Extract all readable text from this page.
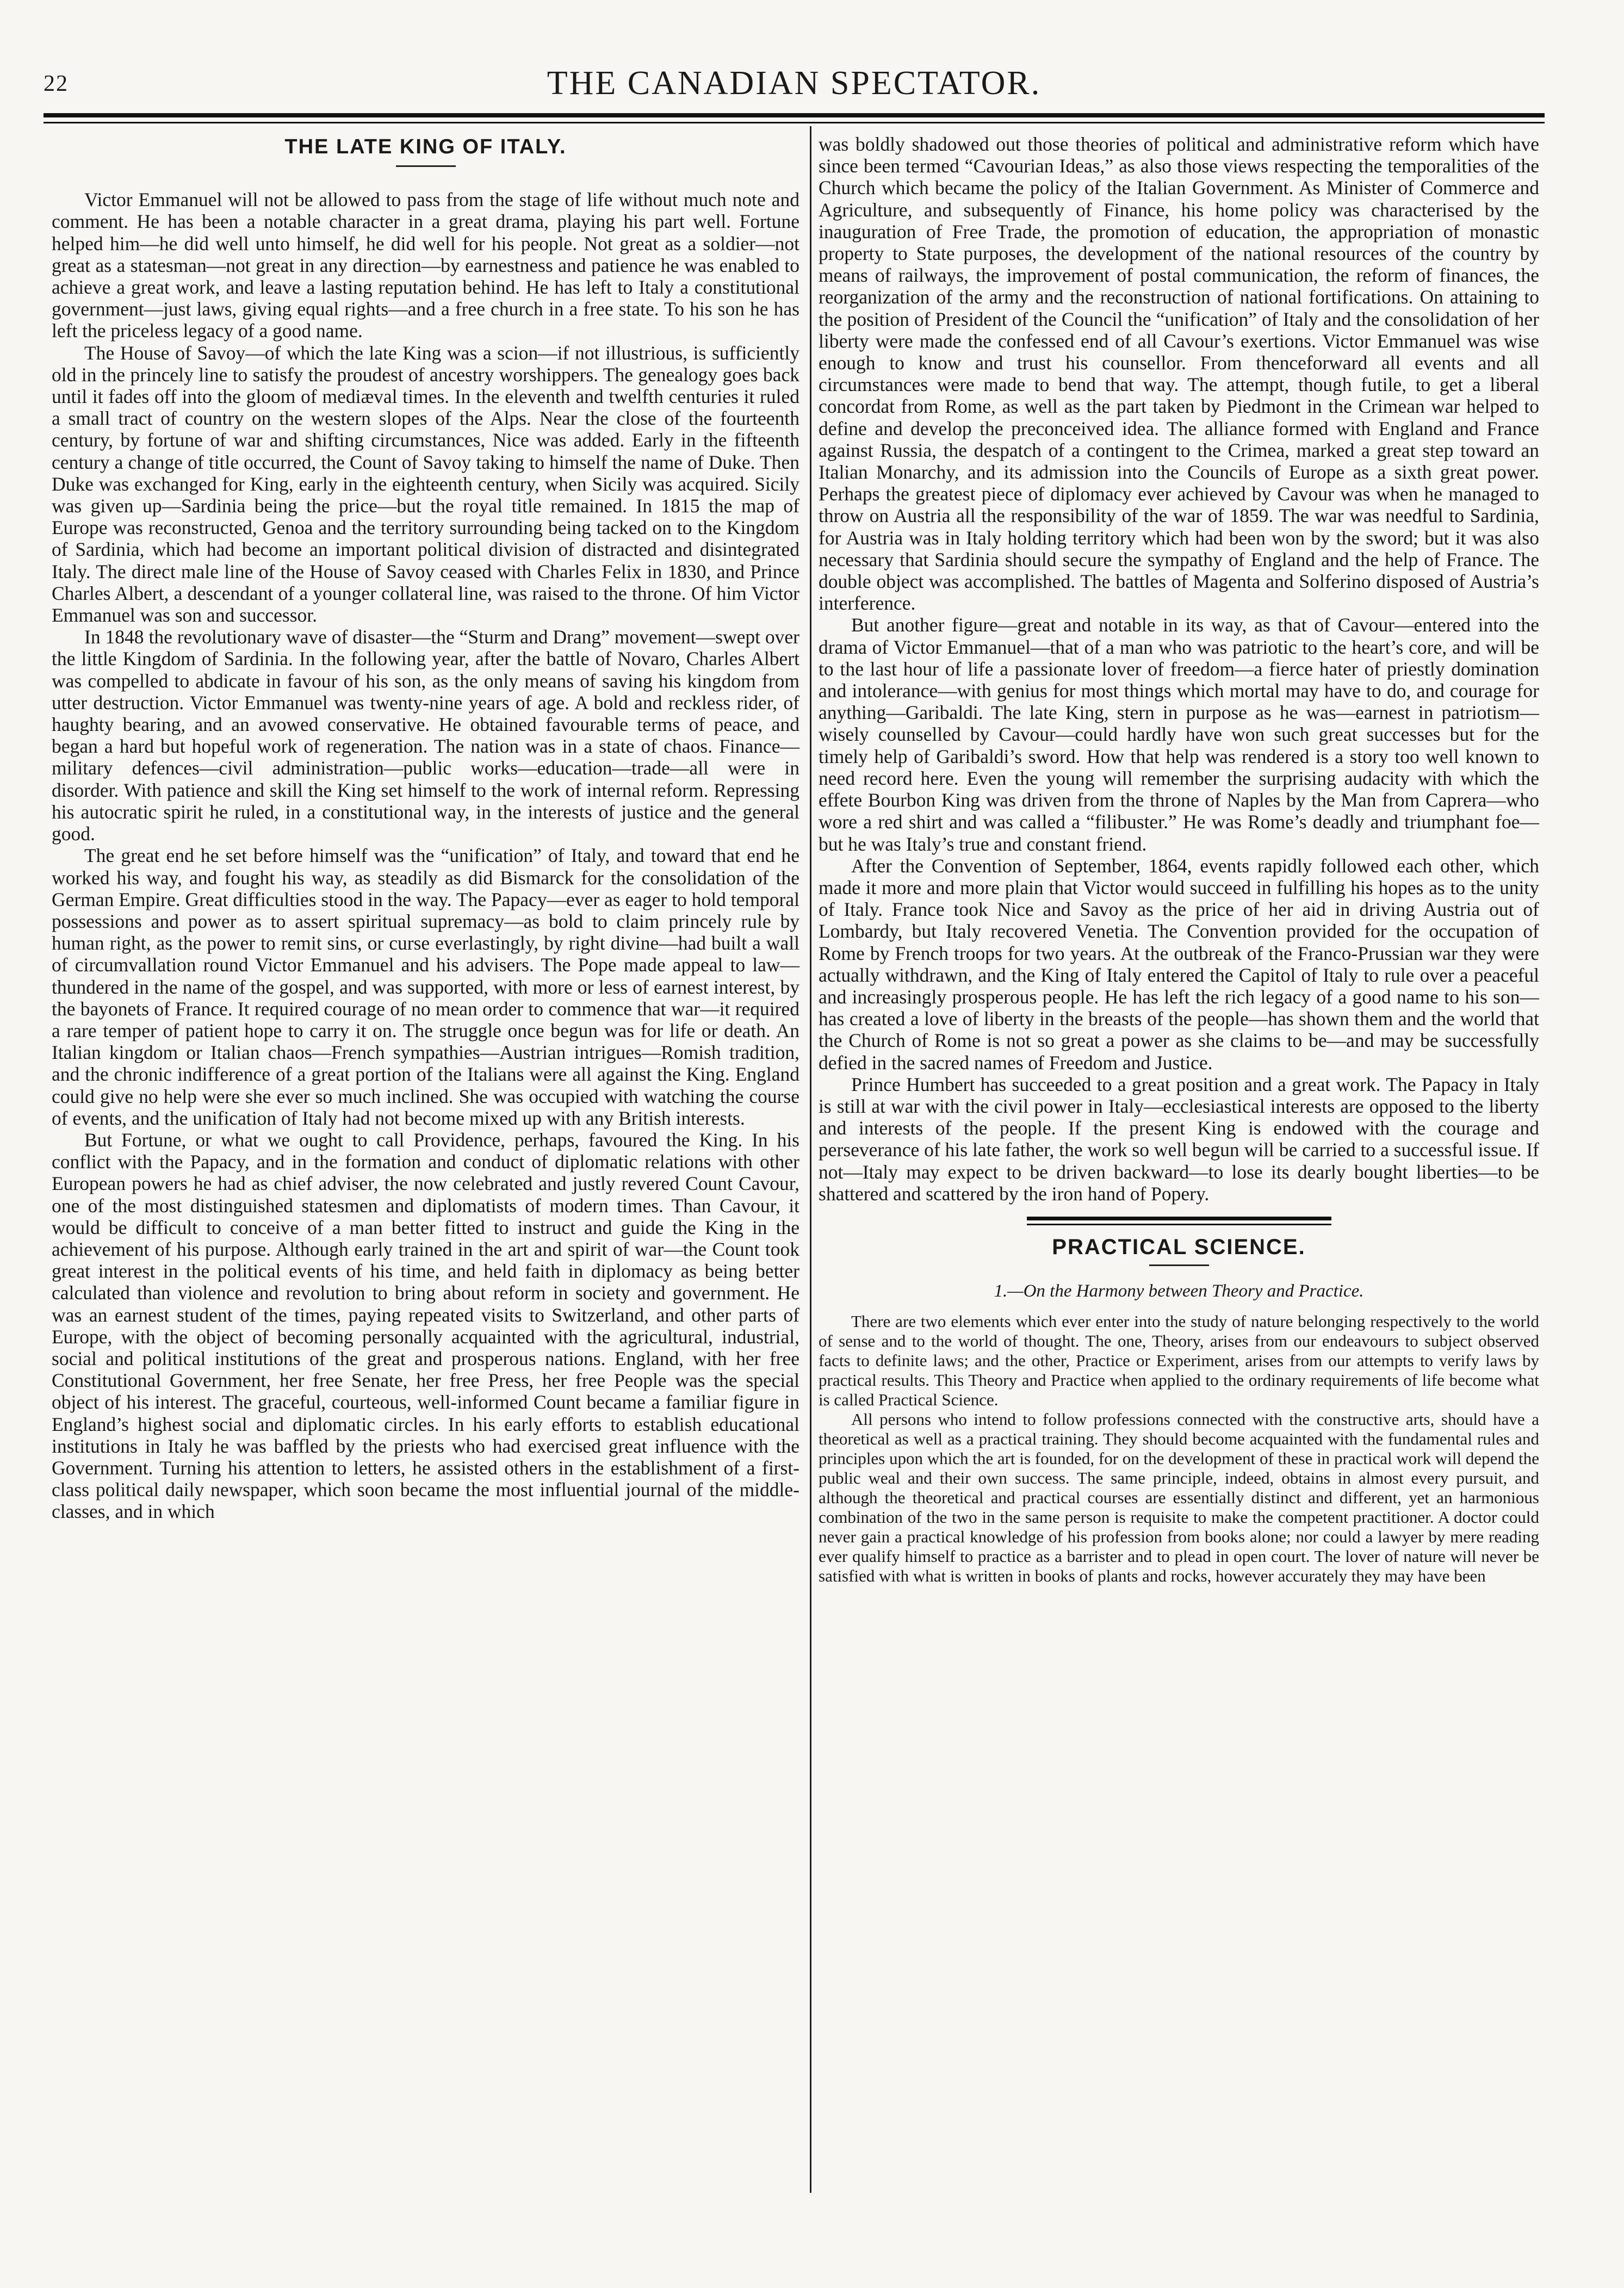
22	THE CANADIAN SPECTATOR.
THE LATE KING OF ITALY.

Victor Emmanuel will not be allowed to pass from the stage of life without much note and comment. He has been a notable character in a great drama, playing his part well. Fortune helped him—he did well unto himself, he did well for his people. Not great as a soldier—not great as a statesman—not great in any direction—by earnestness and patience he was enabled to achieve a great work, and leave a lasting reputation behind. He has left to Italy a constitutional government—just laws, giving equal rights—and a free church in a free state. To his son he has left the priceless legacy of a good name.

The House of Savoy—of which the late King was a scion—if not illustrious, is sufficiently old in the princely line to satisfy the proudest of ancestry worshippers. The genealogy goes back until it fades off into the gloom of mediæval times. In the eleventh and twelfth centuries it ruled a small tract of country on the western slopes of the Alps. Near the close of the fourteenth century, by fortune of war and shifting circumstances, Nice was added. Early in the fifteenth century a change of title occurred, the Count of Savoy taking to himself the name of Duke. Then Duke was exchanged for King, early in the eighteenth century, when Sicily was acquired. Sicily was given up—Sardinia being the price—but the royal title remained. In 1815 the map of Europe was reconstructed, Genoa and the territory surrounding being tacked on to the Kingdom of Sardinia, which had become an important political division of distracted and disintegrated Italy. The direct male line of the House of Savoy ceased with Charles Felix in 1830, and Prince Charles Albert, a descendant of a younger collateral line, was raised to the throne. Of him Victor Emmanuel was son and successor.

In 1848 the revolutionary wave of disaster—the “Sturm and Drang” movement—swept over the little Kingdom of Sardinia. In the following year, after the battle of Novaro, Charles Albert was compelled to abdicate in favour of his son, as the only means of saving his kingdom from utter destruction. Victor Emmanuel was twenty-nine years of age. A bold and reckless rider, of haughty bearing, and an avowed conservative. He obtained favourable terms of peace, and began a hard but hopeful work of regeneration. The nation was in a state of chaos. Finance—military defences—civil administration—public works—education—trade—all were in disorder. With patience and skill the King set himself to the work of internal reform. Repressing his autocratic spirit he ruled, in a constitutional way, in the interests of justice and the general good.

The great end he set before himself was the “unification” of Italy, and toward that end he worked his way, and fought his way, as steadily as did Bismarck for the consolidation of the German Empire. Great difficulties stood in the way. The Papacy—ever as eager to hold temporal possessions and power as to assert spiritual supremacy—as bold to claim princely rule by human right, as the power to remit sins, or curse everlastingly, by right divine—had built a wall of circumvallation round Victor Emmanuel and his advisers. The Pope made appeal to law—thundered in the name of the gospel, and was supported, with more or less of earnest interest, by the bayonets of France. It required courage of no mean order to commence that war—it required a rare temper of patient hope to carry it on. The struggle once begun was for life or death. An Italian kingdom or Italian chaos—French sympathies—Austrian intrigues—Romish tradition, and the chronic indifference of a great portion of the Italians were all against the King. England could give no help were she ever so much inclined. She was occupied with watching the course of events, and the unification of Italy had not become mixed up with any British interests.

But Fortune, or what we ought to call Providence, perhaps, favoured the King. In his conflict with the Papacy, and in the formation and conduct of diplomatic relations with other European powers he had as chief adviser, the now celebrated and justly revered Count Cavour, one of the most distinguished statesmen and diplomatists of modern times. Than Cavour, it would be difficult to conceive of a man better fitted to instruct and guide the King in the achievement of his purpose. Although early trained in the art and spirit of war—the Count took great interest in the political events of his time, and held faith in diplomacy as being better calculated than violence and revolution to bring about reform in society and government. He was an earnest student of the times, paying repeated visits to Switzerland, and other parts of Europe, with the object of becoming personally acquainted with the agricultural, industrial, social and political institutions of the great and prosperous nations. England, with her free Constitutional Government, her free Senate, her free Press, her free People was the special object of his interest. The graceful, courteous, well-informed Count became a familiar figure in England’s highest social and diplomatic circles. In his early efforts to establish educational institutions in Italy he was baffled by the priests who had exercised great influence with the Government. Turning his attention to letters, he assisted others in the establishment of a first-class political daily newspaper, which soon became the most influential journal of the middle-classes, and in which

was boldly shadowed out those theories of political and administrative reform which have since been termed “Cavourian Ideas,” as also those views respecting the temporalities of the Church which became the policy of the Italian Government. As Minister of Commerce and Agriculture, and subsequently of Finance, his home policy was characterised by the inauguration of Free Trade, the promotion of education, the appropriation of monastic property to State purposes, the development of the national resources of the country by means of railways, the improvement of postal communication, the reform of finances, the reorganization of the army and the reconstruction of national fortifications. On attaining to the position of President of the Council the “unification” of Italy and the consolidation of her liberty were made the confessed end of all Cavour’s exertions. Victor Emmanuel was wise enough to know and trust his counsellor. From thenceforward all events and all circumstances were made to bend that way. The attempt, though futile, to get a liberal concordat from Rome, as well as the part taken by Piedmont in the Crimean war helped to define and develop the preconceived idea. The alliance formed with England and France against Russia, the despatch of a contingent to the Crimea, marked a great step toward an Italian Monarchy, and its admission into the Councils of Europe as a sixth great power. Perhaps the greatest piece of diplomacy ever achieved by Cavour was when he managed to throw on Austria all the responsibility of the war of 1859. The war was needful to Sardinia, for Austria was in Italy holding territory which had been won by the sword; but it was also necessary that Sardinia should secure the sympathy of England and the help of France. The double object was accomplished. The battles of Magenta and Solferino disposed of Austria’s interference.

But another figure—great and notable in its way, as that of Cavour—entered into the drama of Victor Emmanuel—that of a man who was patriotic to the heart’s core, and will be to the last hour of life a passionate lover of freedom—a fierce hater of priestly domination and intolerance—with genius for most things which mortal may have to do, and courage for anything—Garibaldi. The late King, stern in purpose as he was—earnest in patriotism—wisely counselled by Cavour—could hardly have won such great successes but for the timely help of Garibaldi’s sword. How that help was rendered is a story too well known to need record here. Even the young will remember the surprising audacity with which the effete Bourbon King was driven from the throne of Naples by the Man from Caprera—who wore a red shirt and was called a “filibuster.” He was Rome’s deadly and triumphant foe—but he was Italy’s true and constant friend.

After the Convention of September, 1864, events rapidly followed each other, which made it more and more plain that Victor would succeed in fulfilling his hopes as to the unity of Italy. France took Nice and Savoy as the price of her aid in driving Austria out of Lombardy, but Italy recovered Venetia. The Convention provided for the occupation of Rome by French troops for two years. At the outbreak of the Franco-Prussian war they were actually withdrawn, and the King of Italy entered the Capitol of Italy to rule over a peaceful and increasingly prosperous people. He has left the rich legacy of a good name to his son—has created a love of liberty in the breasts of the people—has shown them and the world that the Church of Rome is not so great a power as she claims to be—and may be successfully defied in the sacred names of Freedom and Justice.

Prince Humbert has succeeded to a great position and a great work. The Papacy in Italy is still at war with the civil power in Italy—ecclesiastical interests are opposed to the liberty and interests of the people. If the present King is endowed with the courage and perseverance of his late father, the work so well begun will be carried to a successful issue. If not—Italy may expect to be driven backward—to lose its dearly bought liberties—to be shattered and scattered by the iron hand of Popery.

PRACTICAL SCIENCE.
1.—On the Harmony between Theory and Practice.

There are two elements which ever enter into the study of nature belonging respectively to the world of sense and to the world of thought. The one, Theory, arises from our endeavours to subject observed facts to definite laws; and the other, Practice or Experiment, arises from our attempts to verify laws by practical results. This Theory and Practice when applied to the ordinary requirements of life become what is called Practical Science.

All persons who intend to follow professions connected with the constructive arts, should have a theoretical as well as a practical training. They should become acquainted with the fundamental rules and principles upon which the art is founded, for on the development of these in practical work will depend the public weal and their own success. The same principle, indeed, obtains in almost every pursuit, and although the theoretical and practical courses are essentially distinct and different, yet an harmonious combination of the two in the same person is requisite to make the competent practitioner. A doctor could never gain a practical knowledge of his profession from books alone; nor could a lawyer by mere reading ever qualify himself to practice as a barrister and to plead in open court. The lover of nature will never be satisfied with what is written in books of plants and rocks, however accurately they may have been
